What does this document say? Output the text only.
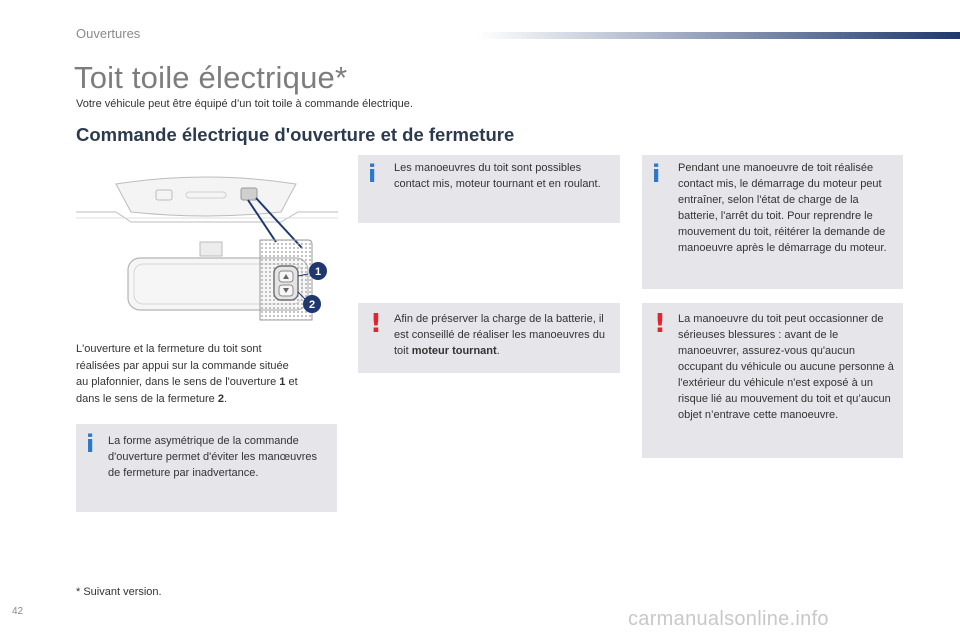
Ouvertures
Toit toile électrique*
Votre véhicule peut être équipé d’un toit toile à commande électrique.
Commande électrique d'ouverture et de fermeture
1
2
L'ouverture et la fermeture du toit sont
réalisées par appui sur la commande située
au plafonnier, dans le sens de l'ouverture 1 et
dans le sens de la fermeture 2.
i La forme asymétrique de la commande d'ouverture permet d'éviter les manœuvres de fermeture par inadvertance.

i Les manoeuvres du toit sont possibles contact mis, moteur tournant et en roulant.

! Afin de préserver la charge de la batterie, il est conseillé de réaliser les manoeuvres du toit moteur tournant.

i Pendant une manoeuvre de toit réalisée contact mis, le démarrage du moteur peut entraîner, selon l'état de charge de la batterie, l'arrêt du toit. Pour reprendre le mouvement du toit, réitérer la demande de manoeuvre après le démarrage du moteur.

! La manoeuvre du toit peut occasionner de sérieuses blessures : avant de le manoeuvrer, assurez-vous qu'aucun occupant du véhicule ou aucune personne à l'extérieur du véhicule n'est exposé à un risque lié au mouvement du toit et qu’aucun objet n’entrave cette manoeuvre.

* Suivant version.
42	carmanualsonline.info
